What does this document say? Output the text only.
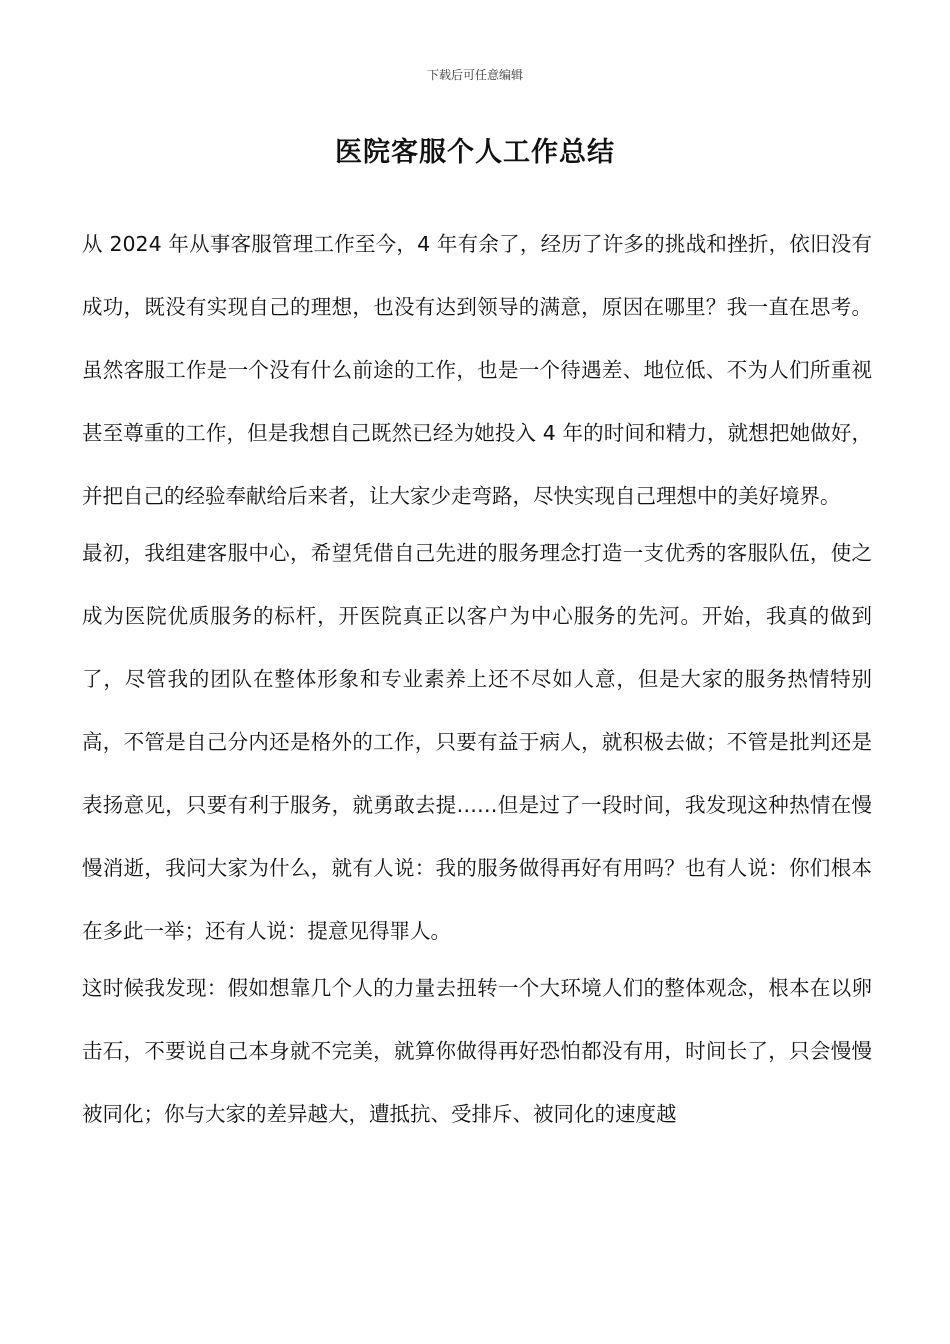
下载后可任意编辑
医院客服个人工作总结

从 2024 年从事客服管理工作至今，4 年有余了，经历了许多的挑战和挫折，依旧没有成功，既没有实现自己的理想，也没有达到领导的满意，原因在哪里？我一直在思考。虽然客服工作是一个没有什么前途的工作，也是一个待遇差、地位低、不为人们所重视甚至尊重的工作，但是我想自己既然已经为她投入 4 年的时间和精力，就想把她做好，并把自己的经验奉献给后来者，让大家少走弯路，尽快实现自己理想中的美好境界。

最初，我组建客服中心，希望凭借自己先进的服务理念打造一支优秀的客服队伍，使之成为医院优质服务的标杆，开医院真正以客户为中心服务的先河。开始，我真的做到了，尽管我的团队在整体形象和专业素养上还不尽如人意，但是大家的服务热情特别高，不管是自己分内还是格外的工作，只要有益于病人，就积极去做；不管是批判还是表扬意见，只要有利于服务，就勇敢去提……但是过了一段时间，我发现这种热情在慢慢消逝，我问大家为什么，就有人说：我的服务做得再好有用吗？也有人说：你们根本在多此一举；还有人说：提意见得罪人。

这时候我发现：假如想靠几个人的力量去扭转一个大环境人们的整体观念，根本在以卵击石，不要说自己本身就不完美，就算你做得再好恐怕都没有用，时间长了，只会慢慢被同化；你与大家的差异越大，遭抵抗、受排斥、被同化的速度越
